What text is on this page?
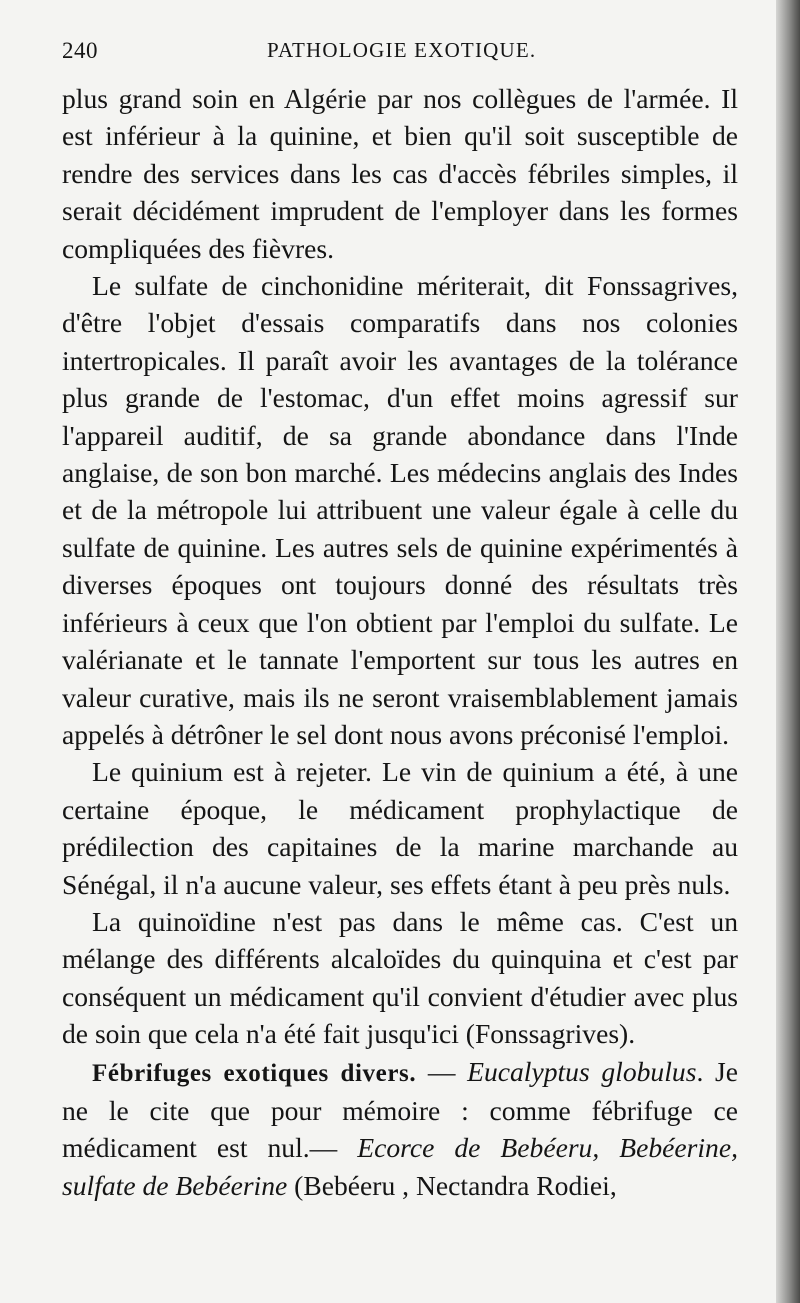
240	PATHOLOGIE EXOTIQUE.

plus grand soin en Algérie par nos collègues de l'armée. Il est inférieur à la quinine, et bien qu'il soit susceptible de rendre des services dans les cas d'accès fébriles simples, il serait décidément imprudent de l'employer dans les formes compliquées des fièvres.

Le sulfate de cinchonidine mériterait, dit Fonssagrives, d'être l'objet d'essais comparatifs dans nos colonies intertropicales. Il paraît avoir les avantages de la tolérance plus grande de l'estomac, d'un effet moins agressif sur l'appareil auditif, de sa grande abondance dans l'Inde anglaise, de son bon marché. Les médecins anglais des Indes et de la métropole lui attribuent une valeur égale à celle du sulfate de quinine. Les autres sels de quinine expérimentés à diverses époques ont toujours donné des résultats très inférieurs à ceux que l'on obtient par l'emploi du sulfate. Le valérianate et le tannate l'emportent sur tous les autres en valeur curative, mais ils ne seront vraisemblablement jamais appelés à détrôner le sel dont nous avons préconisé l'emploi.

Le quinium est à rejeter. Le vin de quinium a été, à une certaine époque, le médicament prophylactique de prédilection des capitaines de la marine marchande au Sénégal, il n'a aucune valeur, ses effets étant à peu près nuls.

La quinoïdine n'est pas dans le même cas. C'est un mélange des différents alcaloïdes du quinquina et c'est par conséquent un médicament qu'il convient d'étudier avec plus de soin que cela n'a été fait jusqu'ici (Fonssagrives).

Fébrifuges exotiques divers. — Eucalyptus globulus. Je ne le cite que pour mémoire : comme fébrifuge ce médicament est nul.— Ecorce de Bebéeru, Bebéerine, sulfate de Bebéerine (Bebéeru , Nectandra Rodiei,
